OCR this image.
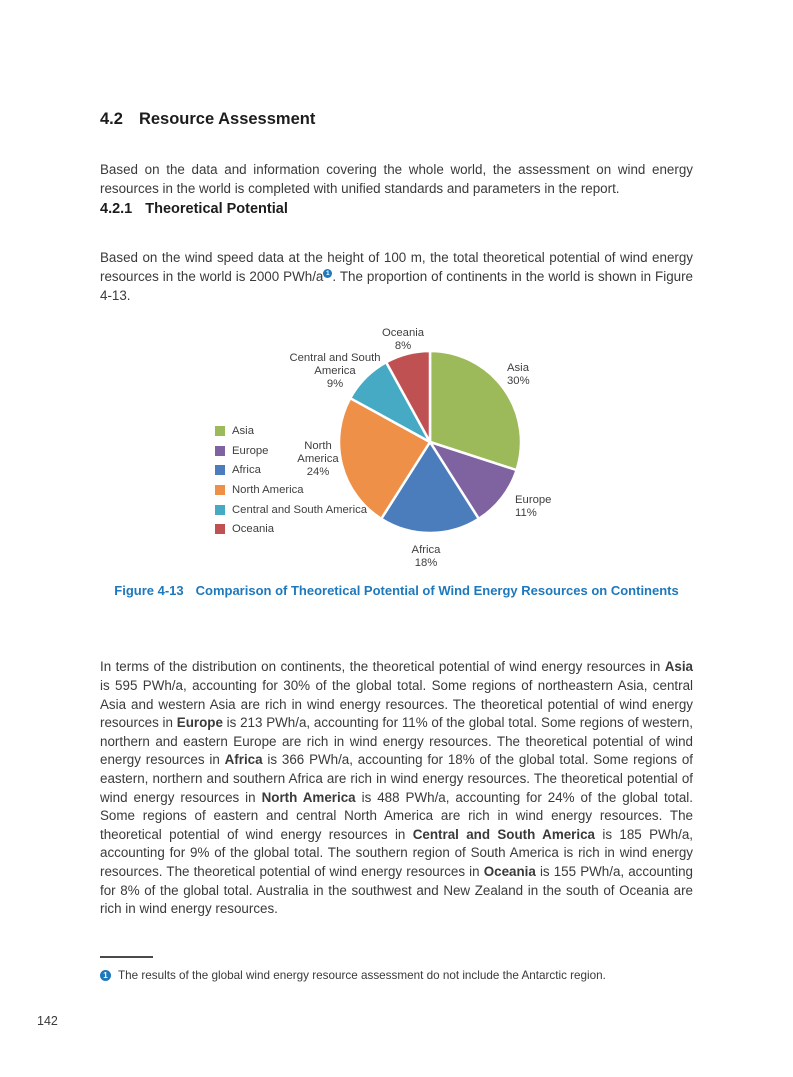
4.2 Resource Assessment

Based on the data and information covering the whole world, the assessment on wind energy resources in the world is completed with unified standards and parameters in the report.

4.2.1 Theoretical Potential

Based on the wind speed data at the height of 100 m, the total theoretical potential of wind energy resources in the world is 2000 PWh/a 1 . The proportion of continents in the world is shown in Figure 4-13.

Asia
Europe
Africa
North America
Central and South America
Oceania
Asia
30%
Europe
11%
Africa
18%
North America
24%
Central and South America
9%
Oceania
8%
Figure 4-13 Comparison of Theoretical Potential of Wind Energy Resources on Continents

In terms of the distribution on continents, the theoretical potential of wind energy resources in Asia is 595 PWh/a, accounting for 30% of the global total. Some regions of northeastern Asia, central Asia and western Asia are rich in wind energy resources. The theoretical potential of wind energy resources in Europe is 213 PWh/a, accounting for 11% of the global total. Some regions of western, northern and eastern Europe are rich in wind energy resources. The theoretical potential of wind energy resources in Africa is 366 PWh/a, accounting for 18% of the global total. Some regions of eastern, northern and southern Africa are rich in wind energy resources. The theoretical potential of wind energy resources in North America is 488 PWh/a, accounting for 24% of the global total. Some regions of eastern and central North America are rich in wind energy resources. The theoretical potential of wind energy resources in Central and South America is 185 PWh/a, accounting for 9% of the global total. The southern region of South America is rich in wind energy resources. The theoretical potential of wind energy resources in Oceania is 155 PWh/a, accounting for 8% of the global total. Australia in the southwest and New Zealand in the south of Oceania are rich in wind energy resources.

1 The results of the global wind energy resource assessment do not include the Antarctic region.
142
